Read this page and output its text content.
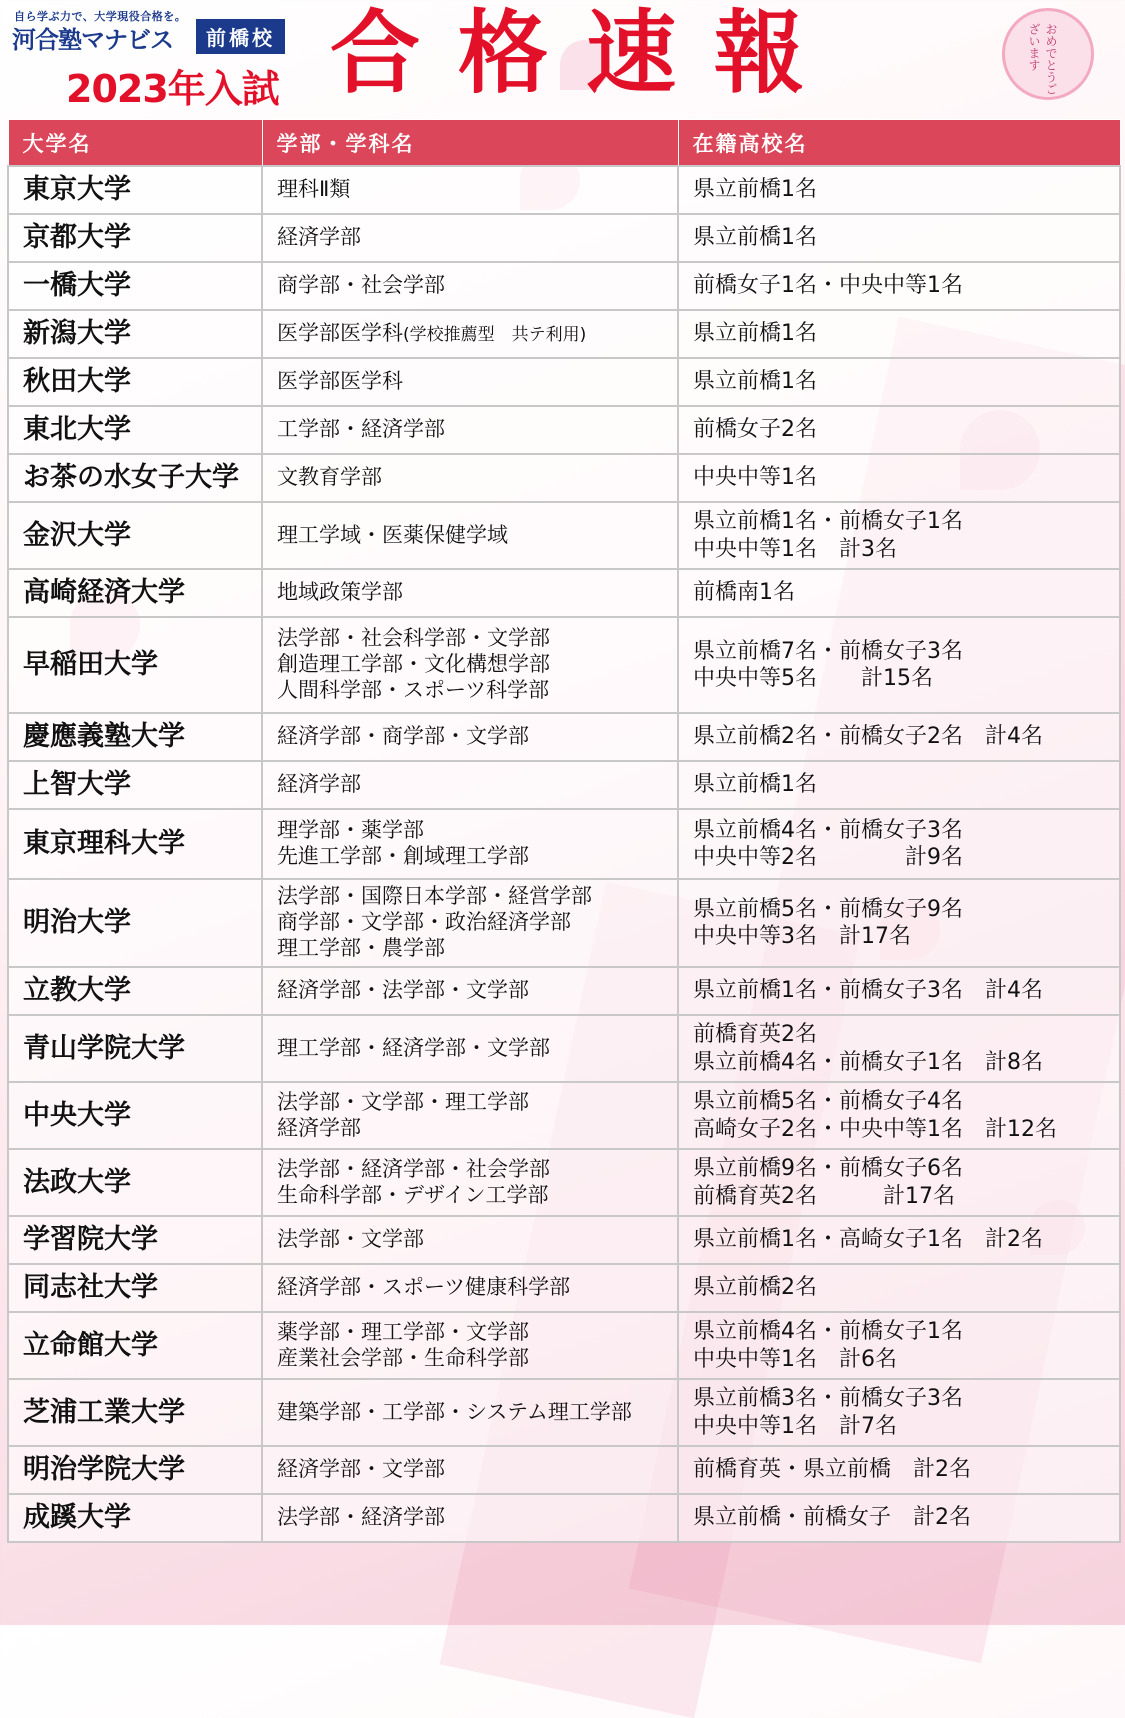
自ら学ぶ力で、大学現役合格を。
河合塾マナビス	前橋校
2023年入試 合格速報	おめでとうございます
大学名	学部・学科名	在籍高校名
東京大学	理科Ⅱ類	県立前橋1名
京都大学	経済学部	県立前橋1名
一橋大学	商学部・社会学部	前橋女子1名・中央中等1名
新潟大学	医学部医学科(学校推薦型　共テ利用)	県立前橋1名
秋田大学	医学部医学科	県立前橋1名
東北大学	工学部・経済学部	前橋女子2名
お茶の水女子大学	文教育学部	中央中等1名
金沢大学	理工学域・医薬保健学域	県立前橋1名・前橋女子1名
中央中等1名　計3名
高崎経済大学	地域政策学部	前橋南1名
早稲田大学	法学部・社会科学部・文学部
創造理工学部・文化構想学部
人間科学部・スポーツ科学部	県立前橋7名・前橋女子3名
中央中等5名　　計15名
慶應義塾大学	経済学部・商学部・文学部	県立前橋2名・前橋女子2名　計4名
上智大学	経済学部	県立前橋1名
東京理科大学	理学部・薬学部
先進工学部・創域理工学部	県立前橋4名・前橋女子3名
中央中等2名　　　　計9名
明治大学	法学部・国際日本学部・経営学部
商学部・文学部・政治経済学部
理工学部・農学部	県立前橋5名・前橋女子9名
中央中等3名　計17名
立教大学	経済学部・法学部・文学部	県立前橋1名・前橋女子3名　計4名
青山学院大学	理工学部・経済学部・文学部	前橋育英2名
県立前橋4名・前橋女子1名　計8名
中央大学	法学部・文学部・理工学部
経済学部	県立前橋5名・前橋女子4名
高崎女子2名・中央中等1名　計12名
法政大学	法学部・経済学部・社会学部
生命科学部・デザイン工学部	県立前橋9名・前橋女子6名
前橋育英2名　　　計17名
学習院大学	法学部・文学部	県立前橋1名・高崎女子1名　計2名
同志社大学	経済学部・スポーツ健康科学部	県立前橋2名
立命館大学	薬学部・理工学部・文学部
産業社会学部・生命科学部	県立前橋4名・前橋女子1名
中央中等1名　計6名
芝浦工業大学	建築学部・工学部・システム理工学部	県立前橋3名・前橋女子3名
中央中等1名　計7名
明治学院大学	経済学部・文学部	前橋育英・県立前橋　計2名
成蹊大学	法学部・経済学部	県立前橋・前橋女子　計2名
